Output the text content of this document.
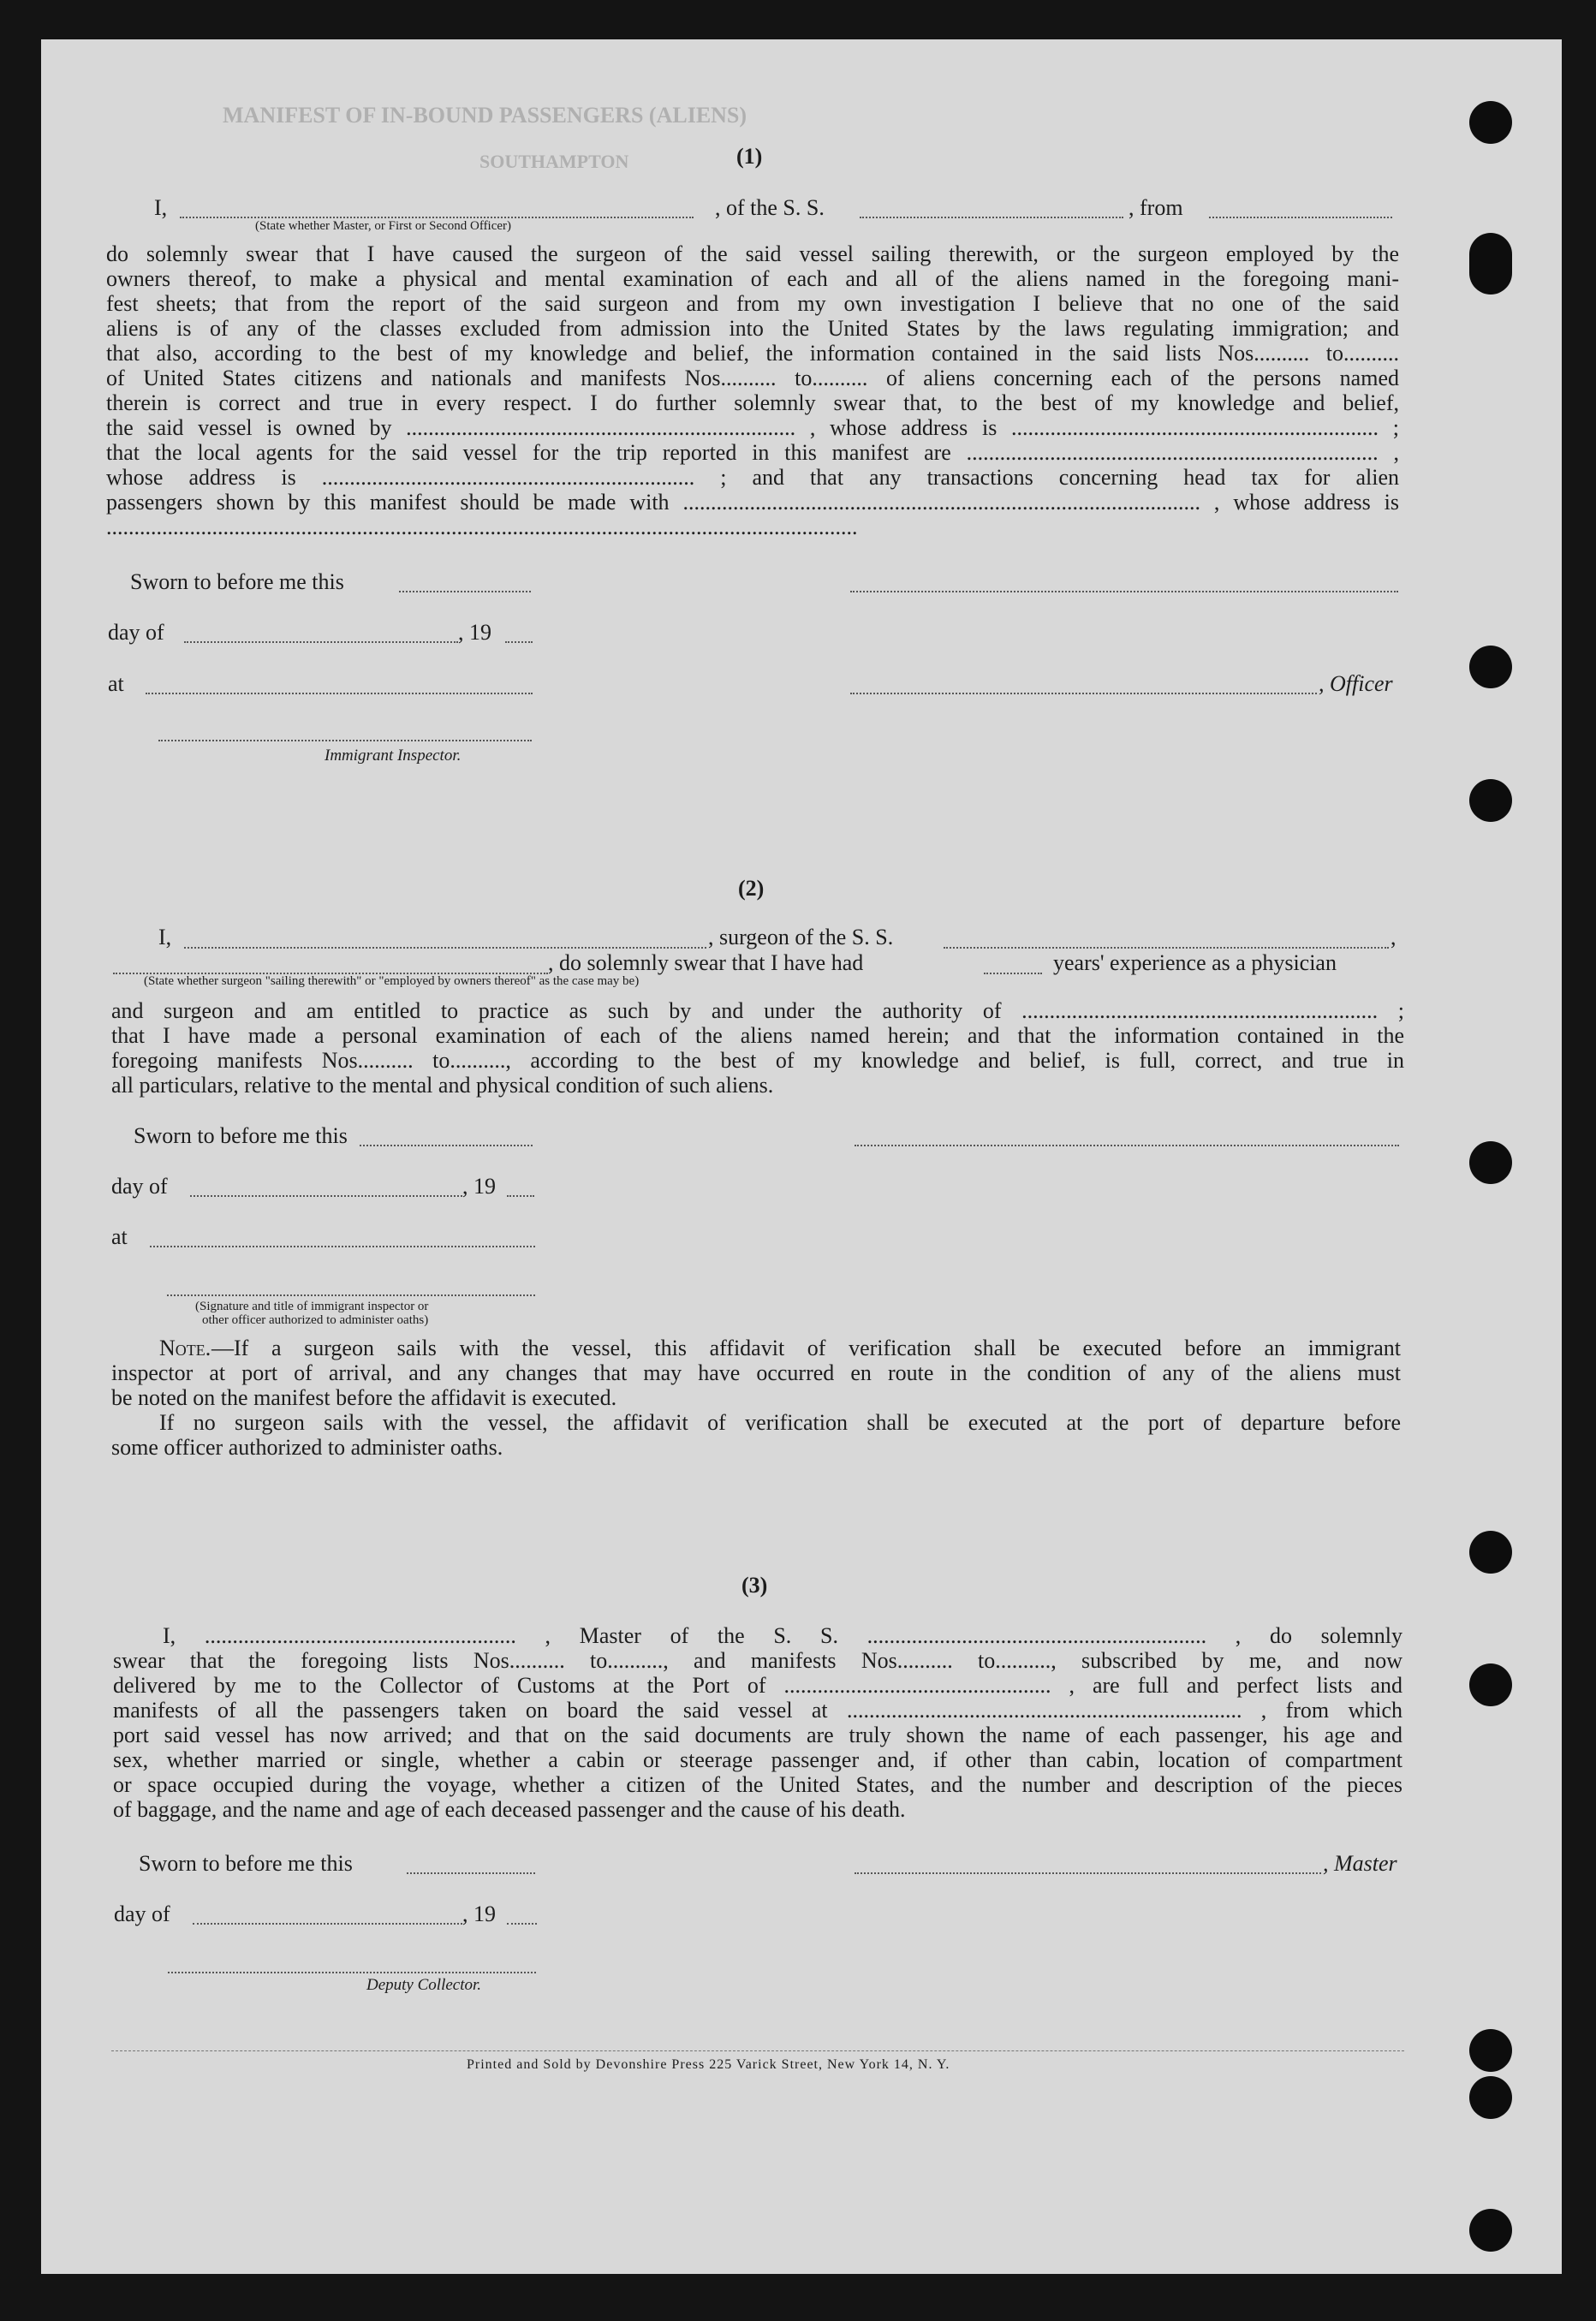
MANIFEST OF IN-BOUND PASSENGERS (ALIENS)
SOUTHAMPTON	(1)
I,	, of the S. S.	, from
(State whether Master, or First or Second Officer)
do solemnly swear that I have caused the surgeon of the said vessel sailing therewith, or the surgeon employed by the
owners thereof, to make a physical and mental examination of each and all of the aliens named in the foregoing mani-
fest sheets; that from the report of the said surgeon and from my own investigation I believe that no one of the said
aliens is of any of the classes excluded from admission into the United States by the laws regulating immigration; and
that also, according to the best of my knowledge and belief, the information contained in the said lists Nos.......... to..........
of United States citizens and nationals and manifests Nos.......... to.......... of aliens concerning each of the persons named
therein is correct and true in every respect. I do further solemnly swear that, to the best of my knowledge and belief,
the said vessel is owned by ...................................................................... , whose address is .................................................................. ;
that the local agents for the said vessel for the trip reported in this manifest are .......................................................................... ,
whose address is ................................................................... ; and that any transactions concerning head tax for alien
passengers shown by this manifest should be made with ............................................................................................. , whose address is
.......................................................................................................................................
Sworn to before me this
day of	, 19
at	, Officer
Immigrant Inspector.
(2)
I,	, surgeon of the S. S.	,
, do solemnly swear that I have had	years' experience as a physician
(State whether surgeon "sailing therewith" or "employed by owners thereof" as the case may be)
and surgeon and am entitled to practice as such by and under the authority of ................................................................ ;
that I have made a personal examination of each of the aliens named herein; and that the information contained in the
foregoing manifests Nos.......... to.........., according to the best of my knowledge and belief, is full, correct, and true in
all particulars, relative to the mental and physical condition of such aliens.
Sworn to before me this
day of	, 19
at
(Signature and title of immigrant inspector or
other officer authorized to administer oaths)
Note. —If a surgeon sails with the vessel, this affidavit of verification shall be executed before an immigrant
inspector at port of arrival, and any changes that may have occurred en route in the condition of any of the aliens must
be noted on the manifest before the affidavit is executed.
If no surgeon sails with the vessel, the affidavit of verification shall be executed at the port of departure before
some officer authorized to administer oaths.
(3)
I, ........................................................ , Master of the S. S. ............................................................. , do solemnly
swear that the foregoing lists Nos.......... to.........., and manifests Nos.......... to.........., subscribed by me, and now
delivered by me to the Collector of Customs at the Port of ................................................ , are full and perfect lists and
manifests of all the passengers taken on board the said vessel at ....................................................................... , from which
port said vessel has now arrived; and that on the said documents are truly shown the name of each passenger, his age and
sex, whether married or single, whether a cabin or steerage passenger and, if other than cabin, location of compartment
or space occupied during the voyage, whether a citizen of the United States, and the number and description of the pieces
of baggage, and the name and age of each deceased passenger and the cause of his death.
Sworn to before me this	, Master
day of	, 19
Deputy Collector.
Printed and Sold by Devonshire Press 225 Varick Street, New York 14, N. Y.
